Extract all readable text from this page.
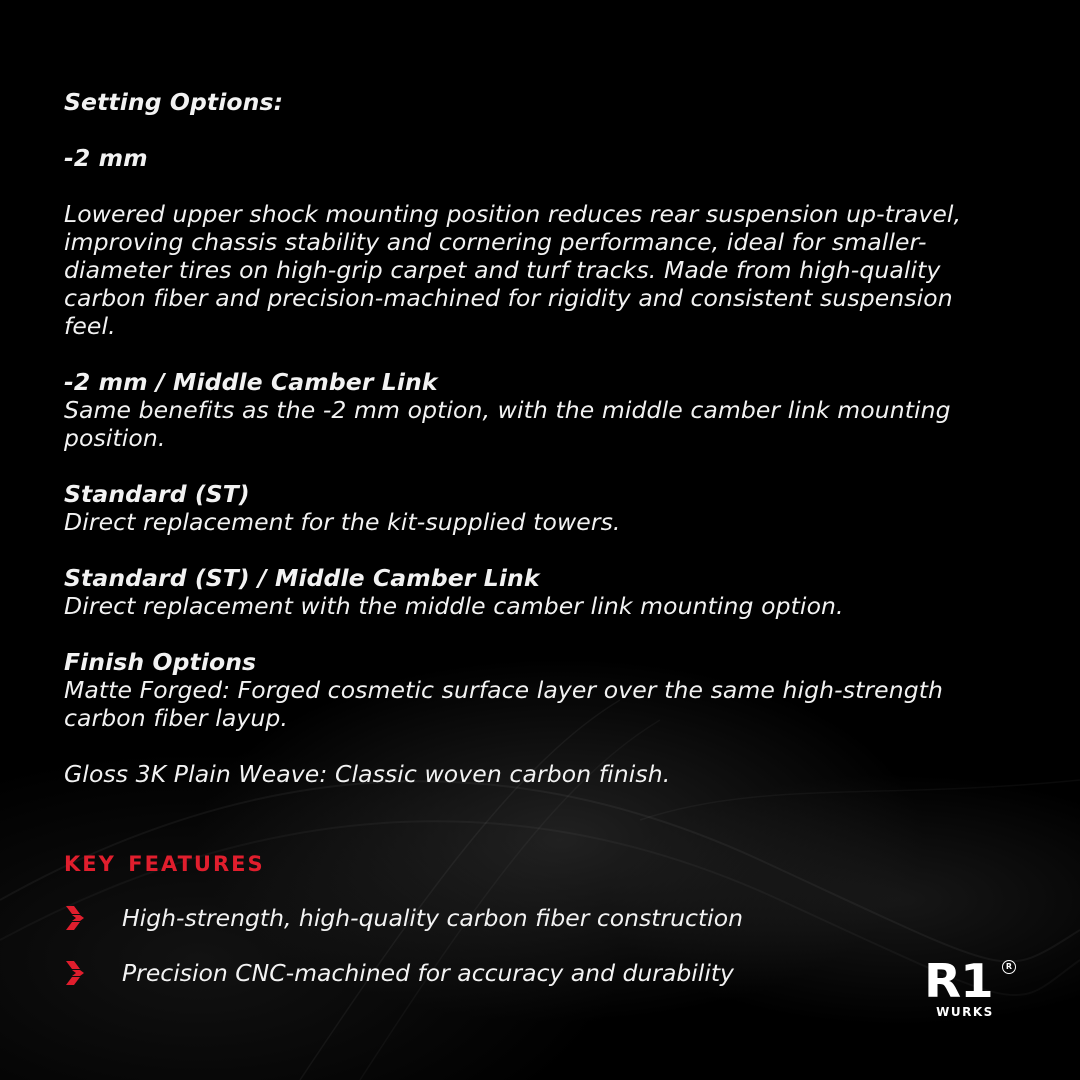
Setting Options:

-2 mm

Lowered upper shock mounting position reduces rear suspension up-travel,

improving chassis stability and cornering performance, ideal for smaller-

diameter tires on high-grip carpet and turf tracks. Made from high-quality

carbon fiber and precision-machined for rigidity and consistent suspension

feel.

-2 mm / Middle Camber Link

Same benefits as the -2 mm option, with the middle camber link mounting

position.

Standard (ST)

Direct replacement for the kit-supplied towers.

Standard (ST) / Middle Camber Link

Direct replacement with the middle camber link mounting option.

Finish Options

Matte Forged: Forged cosmetic surface layer over the same high-strength

carbon fiber layup.

Gloss 3K Plain Weave: Classic woven carbon finish.

key features
High-strength, high-quality carbon fiber construction
Precision CNC-machined for accuracy and durability	R1	R
WURKS
